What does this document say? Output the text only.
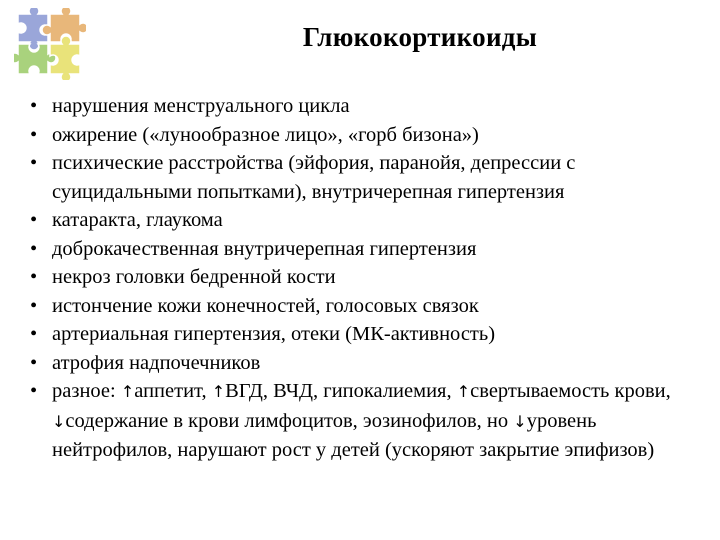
Глюкокортикоиды
• нарушения менструального цикла
• ожирение («лунообразное лицо», «горб бизона»)
• психические расстройства (эйфория, паранойя, депрессии с суицидальными попытками), внутричерепная гипертензия
• катаракта, глаукома
• доброкачественная внутричерепная гипертензия
• некроз головки бедренной кости
• истончение кожи конечностей, голосовых связок
• артериальная гипертензия, отеки (МК-активность)
• атрофия надпочечников
• разное: ↑аппетит, ↑ВГД, ВЧД, гипокалиемия, ↑свертываемость крови, ↓содержание в крови лимфоцитов, эозинофилов, но ↓уровень нейтрофилов, нарушают рост у детей (ускоряют закрытие эпифизов)
